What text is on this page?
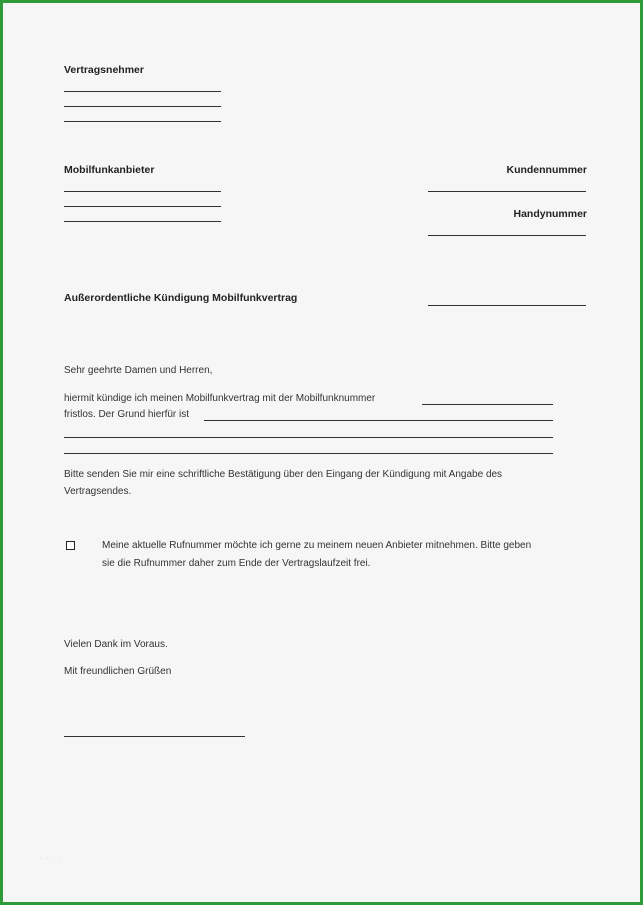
Vertragsnehmer
Mobilfunkanbieter	Kundennummer
Handynummer
Außerordentliche Kündigung Mobilfunkvertrag
Sehr geehrte Damen und Herren,
hiermit kündige ich meinen Mobilfunkvertrag mit der Mobilfunknummer
fristlos. Der Grund hierfür ist
Bitte senden Sie mir eine schriftliche Bestätigung über den Eingang der Kündigung mit Angabe des
Vertragsendes.
Meine aktuelle Rufnummer möchte ich gerne zu meinem neuen Anbieter mitnehmen. Bitte geben
sie die Rufnummer daher zum Ende der Vertragslaufzeit frei.
Vielen Dank im Voraus.
Mit freundlichen Grüßen
· · · ·
